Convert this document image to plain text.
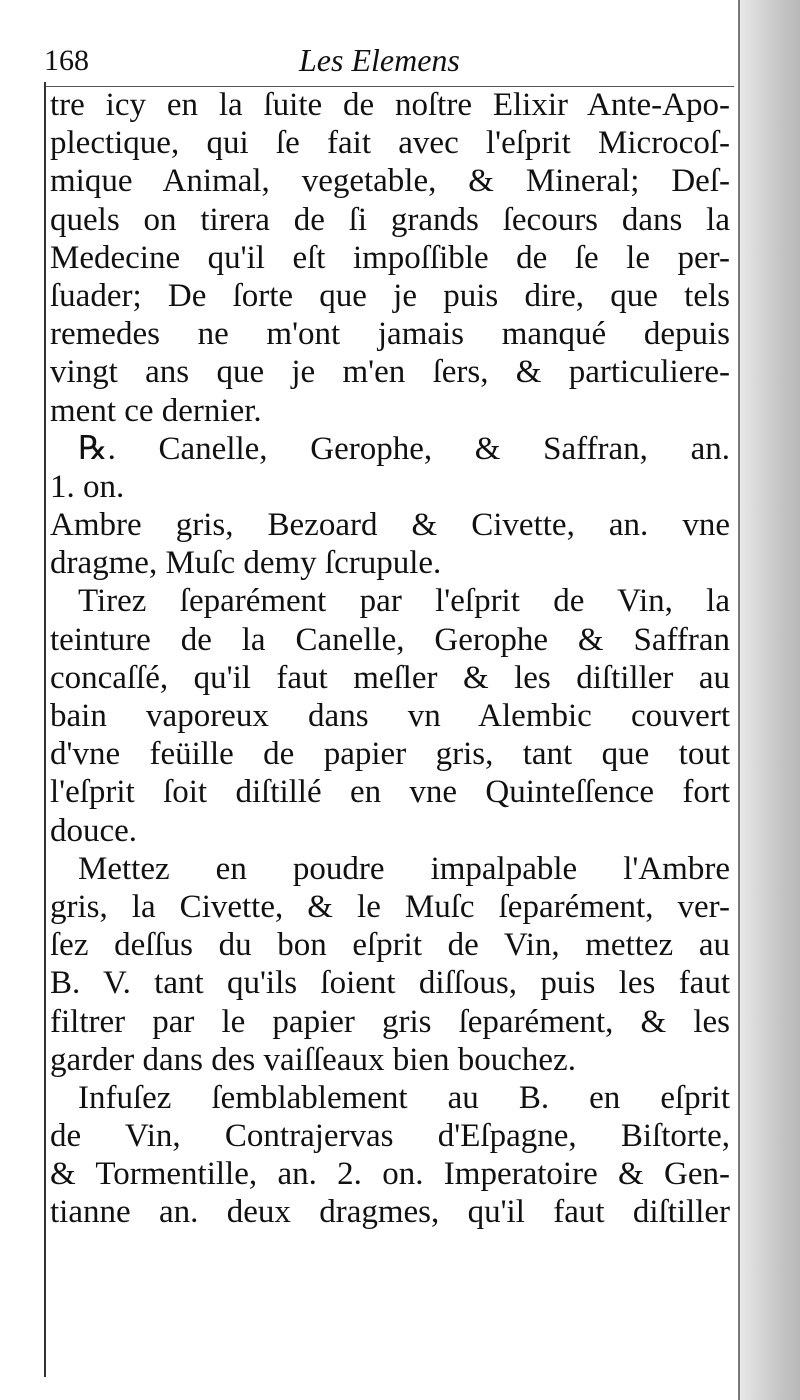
168	Les Elemens
tre icy en la ſuite de noſtre Elixir Ante-Apo-
plectique, qui ſe fait avec l'eſprit Microcoſ-
mique Animal, vegetable, & Mineral; Deſ-
quels on tirera de ſi grands ſecours dans la
Medecine qu'il eſt impoſſible de ſe le per-
ſuader; De ſorte que je puis dire, que tels
remedes ne m'ont jamais manqué depuis
vingt ans que je m'en ſers, & particuliere-
ment ce dernier.
℞. Canelle, Gerophe, & Saffran, an.
1. on.
Ambre gris, Bezoard & Civette, an. vne
dragme, Muſc demy ſcrupule.
Tirez ſeparément par l'eſprit de Vin, la
teinture de la Canelle, Gerophe & Saffran
concaſſé, qu'il faut meſler & les diſtiller au
bain vaporeux dans vn Alembic couvert
d'vne feüille de papier gris, tant que tout
l'eſprit ſoit diſtillé en vne Quinteſſence fort
douce.
Mettez en poudre impalpable l'Ambre
gris, la Civette, & le Muſc ſeparément, ver-
ſez deſſus du bon eſprit de Vin, mettez au
B. V. tant qu'ils ſoient diſſous, puis les faut
filtrer par le papier gris ſeparément, & les
garder dans des vaiſſeaux bien bouchez.
Infuſez ſemblablement au B. en eſprit
de Vin, Contrajervas d'Eſpagne, Biſtorte,
& Tormentille, an. 2. on. Imperatoire & Gen-
tianne an. deux dragmes, qu'il faut diſtiller
